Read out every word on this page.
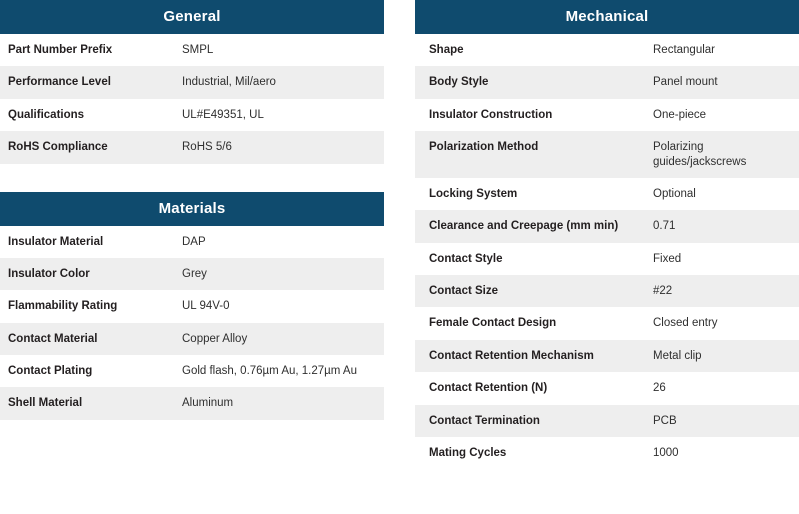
General
Part Number Prefix	SMPL
Performance Level	Industrial, Mil/aero
Qualifications	UL#E49351, UL
RoHS Compliance	RoHS 5/6
Materials
Insulator Material	DAP
Insulator Color	Grey
Flammability Rating	UL 94V-0
Contact Material	Copper Alloy
Contact Plating	Gold flash, 0.76µm Au, 1.27µm Au
Shell Material	Aluminum
Mechanical
Shape	Rectangular
Body Style	Panel mount
Insulator Construction	One-piece
Polarization Method	Polarizing guides/jackscrews
Locking System	Optional
Clearance and Creepage (mm min)	0.71
Contact Style	Fixed
Contact Size	#22
Female Contact Design	Closed entry
Contact Retention Mechanism	Metal clip
Contact Retention (N)	26
Contact Termination	PCB
Mating Cycles	1000
